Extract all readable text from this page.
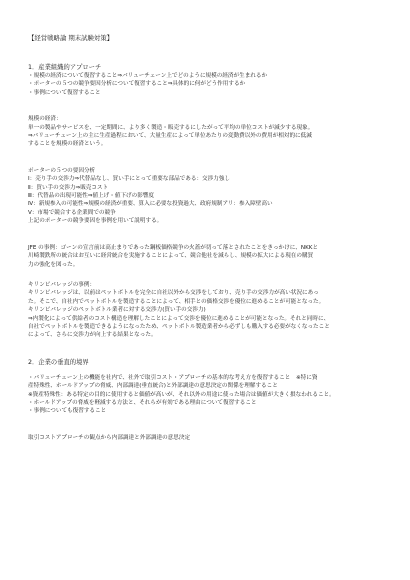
【経営戦略論 期末試験対策】

1．産業組織的アプローチ

・規模の経済について復習すること⇒バリューチェーン上でどのように規模の経済が生まれるか

・ポーターの５つの競争要因分析について復習すること⇒具体的に何がどう作用するか

・事例について復習すること

規模の経済：

単一の製品やサービスを、一定期間に、より多く製造・販売するにしたがって平均の単位コストが減少する現象。

⇒バリューチェーン上の主に生産過程において、大量生産によって単位あたりの変動費以外の費用が相対的に低減

することを規模の経済という。

ポーターの５つの要因分析

Ⅰ：売り手の交渉力⇒代替品なし、買い手にとって重要な部品である：交渉力強し

Ⅱ：買い手の交渉力⇒販売コスト

Ⅲ：代替品の出現可能性⇒値上げ・値下げの影響度

Ⅳ：新規参入の可能性⇒規模の経済が重要、算入に必要な投資過大、政府規制アリ：参入障壁高い

Ⅴ：市場で競合する企業間での競争

上記のポーターの競争要因を事例を用いて説明する。

JFE の事例：ゴーンの宣言前は高止まりであった鋼板価格競争の火蓋が切って落とされたことをきっかけに、NKKと

川崎製鉄所の統合はお互いに経営統合を実施することによって、競合他社を減らし、規模の拡大による現在の購買

力の強化を図った。

キリンビバレッジの事例：

キリンビバレッジは、以前はペットボトルを完全に自社以外から交渉をしており、売り手の交渉力が高い状況にあっ

た。そこで、自社内でペットボトルを製造することによって、相手との価格交渉を優位に進めることが可能となった。

キリンビバレッジのペットボトル業者に対する交渉力(買い手の交渉力)

⇒内製化によって供給者のコスト構造を理解したことによって交渉を優位に進めることが可能となった。それと同時に、

自社でペットボトルを製造できるようになったため、ペットボトル製造業者から必ずしも購入する必要がなくなったこと

によって、さらに交渉力が向上する結果となった。

2．企業の垂直的境界

・バリューチェーン上の機能を社内で、社外で取引コスト・アプローチの基本的な考え方を復習すること　※特に資

産特殊性、ホールドアップの脅威、内部調達(垂直統合)と外部調達の意思決定の関係を理解すること

※資産特殊性：ある特定の目的に使用すると価値が高いが、それ以外の用途に使った場合は価値が大きく損なわれること。

・ホールドアップの脅威を軽減する方法と、それらが有効である理由について復習すること

・事例についても復習すること

取引コストアプローチの観点から内部調達と外部調達の意思決定
